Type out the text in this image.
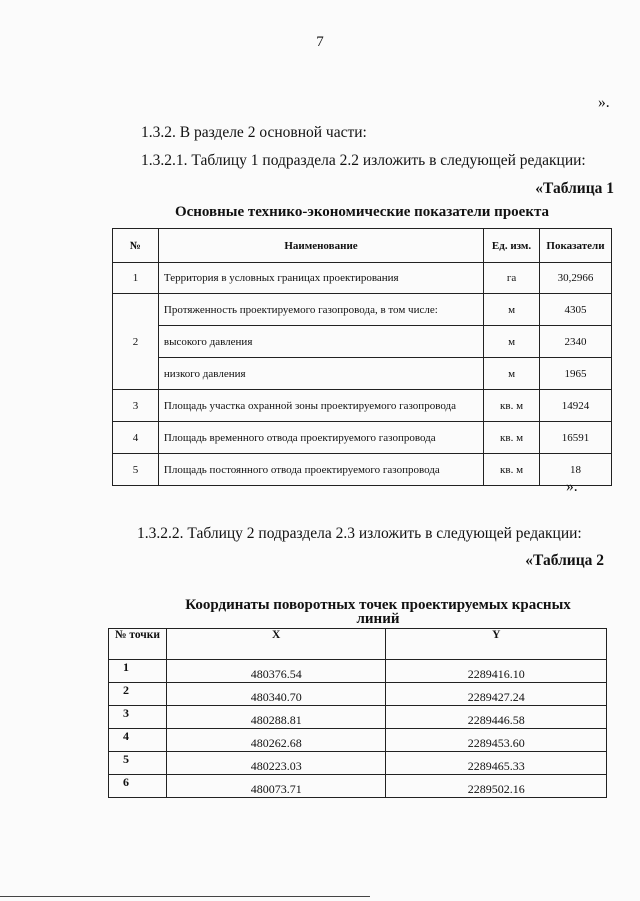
7
».
1.3.2. В разделе 2 основной части:
1.3.2.1. Таблицу 1 подраздела 2.2 изложить в следующей редакции:
«Таблица 1
Основные технико-экономические показатели проекта
№	Наименование	Ед. изм.	Показатели
1	Территория в условных границах проектирования	га	30,2966
2	Протяженность проектируемого газопровода, в том числе:	м	4305
	высокого давления	м	2340
	низкого давления	м	1965
3	Площадь участка охранной зоны проектируемого газопровода	кв. м	14924
4	Площадь временного отвода проектируемого газопровода	кв. м	16591
5	Площадь постоянного отвода проектируемого газопровода	кв. м	18
».
1.3.2.2. Таблицу 2 подраздела 2.3 изложить в следующей редакции:
«Таблица 2
Координаты поворотных точек проектируемых красных
линий
№ точки	X	Y
1	480376.54	2289416.10
2	480340.70	2289427.24
3	480288.81	2289446.58
4	480262.68	2289453.60
5	480223.03	2289465.33
6	480073.71	2289502.16
